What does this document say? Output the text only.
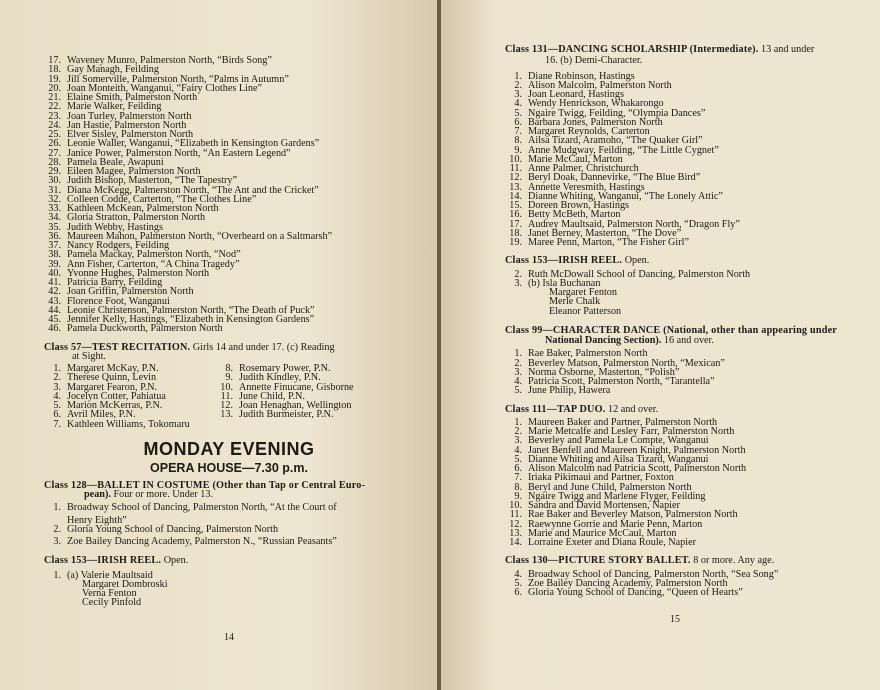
17. Waveney Munro, Palmerston North, “Birds Song”
18. Gay Managh, Feilding
19. Jill Somerville, Palmerston North, “Palms in Autumn”
20. Joan Monteith, Wanganui, “Fairy Clothes Line”
21. Elaine Smith, Palmerston North
22. Marie Walker, Feilding
23. Joan Turley, Palmerston North
24. Jan Hastie, Palmerston North
25. Elver Sisley, Palmerston North
26. Leonie Waller, Wanganui, “Elizabeth in Kensington Gardens”
27. Janice Power, Palmerston North, “An Eastern Legend”
28. Pamela Beale, Awapuni
29. Eileen Magee, Palmerston North
30. Judith Bishop, Masterton, “The Tapestry”
31. Diana McKegg, Palmerston North, “The Ant and the Cricket”
32. Colleen Codde, Carterton, “The Clothes Line”
33. Kathleen McKean, Palmerston North
34. Gloria Stratton, Palmerston North
35. Judith Webby, Hastings
36. Maureen Mahon, Palmerston North, “Overheard on a Saltmarsh”
37. Nancy Rodgers, Feilding
38. Pamela Mackay, Palmerston North, “Nod”
39. Ann Fisher, Carterton, “A China Tragedy”
40. Yvonne Hughes, Palmerston North
41. Patricia Barry, Feilding
42. Joan Griffin, Palmerston North
43. Florence Foot, Wanganui
44. Leonie Christenson, Palmerston North, “The Death of Puck”
45. Jennifer Kelly, Hastings, “Elizabeth in Kensington Gardens”
46. Pamela Duckworth, Palmerston North
Class 57—TEST RECITATION. Girls 14 and under 17. (c) Reading
at Sight.
1. Margaret McKay, P.N.
2. Therese Quinn, Levin
3. Margaret Fearon, P.N.
4. Jocelyn Cotter, Pahiatua
5. Marion McKerras, P.N.
6. Avril Miles, P.N.
7. Kathleen Williams, Tokomaru
8. Rosemary Power, P.N.
9. Judith Kindley, P.N.
10. Annette Finucane, Gisborne
11. June Child, P.N.
12. Joan Henaghan, Wellington
13. Judith Burmeister, P.N.
MONDAY EVENING
OPERA HOUSE—7.30 p.m.
Class 128—BALLET IN COSTUME (Other than Tap or Central Euro-
pean). Four or more. Under 13.
1. Broadway School of Dancing, Palmerston North, “At the Court of
Henry Eighth”
2. Gloria Young School of Dancing, Palmerston North
3. Zoe Bailey Dancing Academy, Palmerston N., “Russian Peasants”
Class 153—IRISH REEL. Open.
1. (a) Valerie Maultsaid
Margaret Dombroski
Verna Fenton
Cecily Pinfold
14
Class 131—DANCING SCHOLARSHIP (Intermediate). 13 and under
16. (b) Demi-Character.
1. Diane Robinson, Hastings
2. Alison Malcolm, Palmerston North
3. Joan Leonard, Hastings
4. Wendy Henrickson, Whakarongo
5. Ngaire Twigg, Feilding, “Olympia Dances”
6. Barbara Jones, Palmerston North
7. Margaret Reynolds, Carterton
8. Ailsa Tizard, Aramoho, “The Quaker Girl”
9. Anne Mudgway, Feilding, “The Little Cygnet”
10. Marie McCaul, Marton
11. Anne Palmer, Christchurch
12. Beryl Doak, Dannevirke, “The Blue Bird”
13. Annette Veresmith, Hastings
14. Dianne Whiting, Wanganui, “The Lonely Attic”
15. Doreen Brown, Hastings
16. Betty McBeth, Marton
17. Audrey Maultsaid, Palmerston North, “Dragon Fly”
18. Janet Berney, Masterton, “The Dove”
19. Maree Penn, Marton, “The Fisher Girl”
Class 153—IRISH REEL. Open.
2. Ruth McDowall School of Dancing, Palmerston North
3. (b) Isla Buchanan
Margaret Fenton
Merle Chalk
Eleanor Patterson
Class 99—CHARACTER DANCE (National, other than appearing under
National Dancing Section). 16 and over.
1. Rae Baker, Palmerston North
2. Beverley Matson, Palmerston North, “Mexican”
3. Norma Osborne, Masterton, “Polish”
4. Patricia Scott, Palmerston North, “Tarantella”
5. June Philip, Hawera
Class 111—TAP DUO. 12 and over.
1. Maureen Baker and Partner, Palmerston North
2. Marie Metcalfe and Lesley Farr, Palmerston North
3. Beverley and Pamela Le Compte, Wanganui
4. Janet Benfell and Maureen Knight, Palmerston North
5. Dianne Whiting and Ailsa Tizard, Wanganui
6. Alison Malcolm nad Patricia Scott, Palmerston North
7. Iriaka Pikimaui and Partner, Foxton
8. Beryl and June Child, Palmerston North
9. Ngaire Twigg and Marlene Flyger, Feilding
10. Sandra and David Mortensen, Napier
11. Rae Baker and Beverley Matson, Palmerston North
12. Raewynne Gorrie and Marie Penn, Marton
13. Marie and Maurice McCaul, Marton
14. Lorraine Exeter and Diana Roule, Napier
Class 130—PICTURE STORY BALLET. 8 or more. Any age.
4. Broadway School of Dancing, Palmerston North, “Sea Song”
5. Zoe Bailey Dancing Academy, Palmerston North
6. Gloria Young School of Dancing, “Queen of Hearts”
15
